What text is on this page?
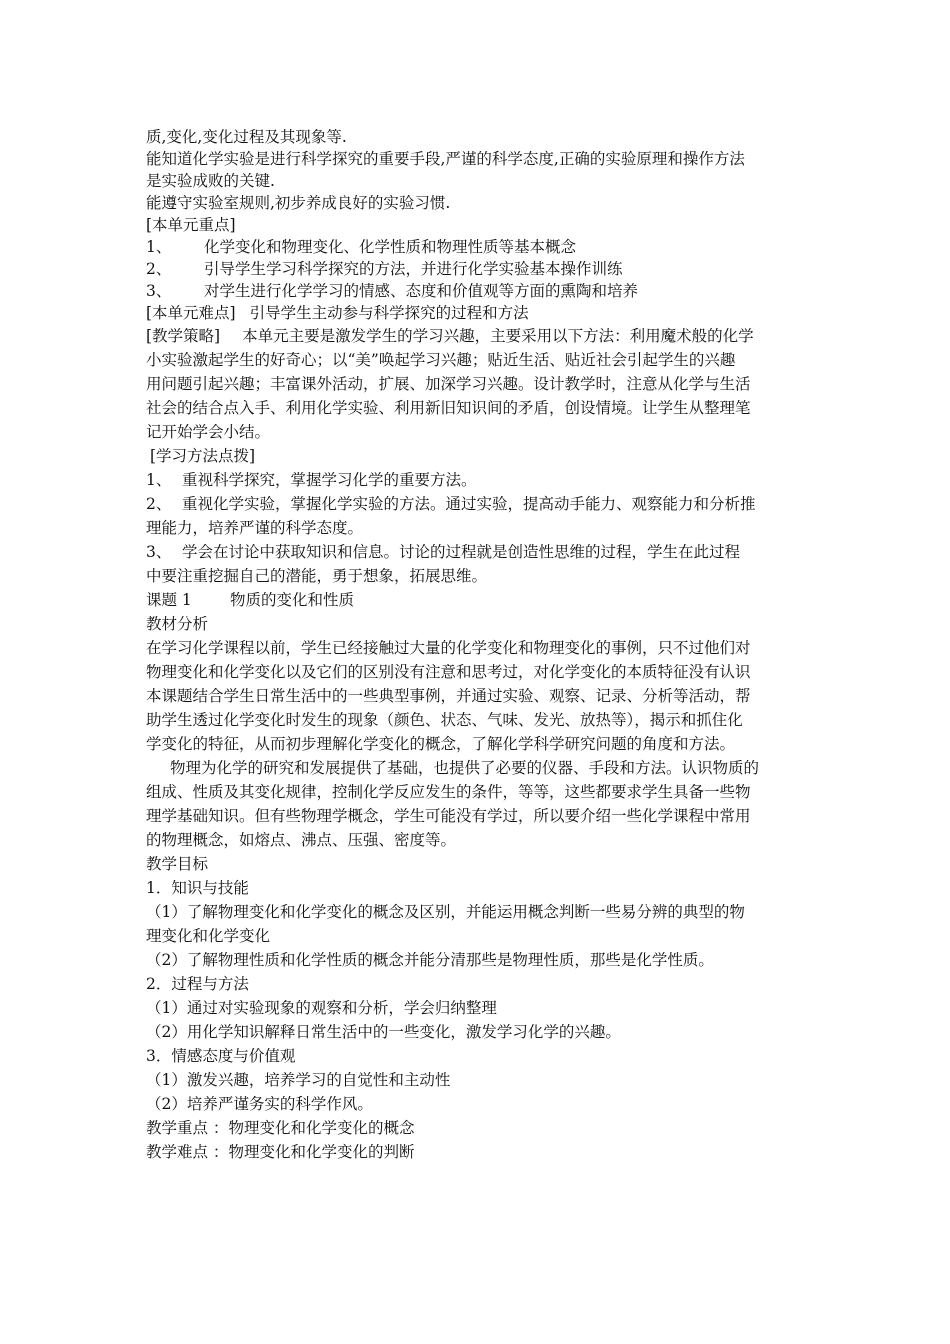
质,变化,变化过程及其现象等.

能知道化学实验是进行科学探究的重要手段,严谨的科学态度,正确的实验原理和操作方法

是实验成败的关键.

能遵守实验室规则,初步养成良好的实验习惯.

[本单元重点]

1、 化学变化和物理变化、化学性质和物理性质等基本概念

2、 引导学生学习科学探究的方法，并进行化学实验基本操作训练

3、 对学生进行化学学习的情感、态度和价值观等方面的熏陶和培养

[本单元难点] 引导学生主动参与科学探究的过程和方法

[教学策略] 本单元主要是激发学生的学习兴趣，主要采用以下方法：利用魔术般的化学

小实验激起学生的好奇心；以“美”唤起学习兴趣；贴近生活、贴近社会引起学生的兴趣

用问题引起兴趣；丰富课外活动，扩展、加深学习兴趣。设计教学时，注意从化学与生活

社会的结合点入手、利用化学实验、利用新旧知识间的矛盾，创设情境。让学生从整理笔

记开始学会小结。

[学习方法点拨]

1、 重视科学探究，掌握学习化学的重要方法。

2、 重视化学实验，掌握化学实验的方法。通过实验，提高动手能力、观察能力和分析推

理能力，培养严谨的科学态度。

3、 学会在讨论中获取知识和信息。讨论的过程就是创造性思维的过程，学生在此过程

中要注重挖掘自己的潜能，勇于想象，拓展思维。

课题 1 物质的变化和性质

教材分析

在学习化学课程以前，学生已经接触过大量的化学变化和物理变化的事例，只不过他们对

物理变化和化学变化以及它们的区别没有注意和思考过，对化学变化的本质特征没有认识

本课题结合学生日常生活中的一些典型事例，并通过实验、观察、记录、分析等活动，帮

助学生透过化学变化时发生的现象（颜色、状态、气味、发光、放热等），揭示和抓住化

学变化的特征，从而初步理解化学变化的概念，了解化学科学研究问题的角度和方法。

物理为化学的研究和发展提供了基础，也提供了必要的仪器、手段和方法。认识物质的

组成、性质及其变化规律，控制化学反应发生的条件，等等，这些都要求学生具备一些物

理学基础知识。但有些物理学概念，学生可能没有学过，所以要介绍一些化学课程中常用

的物理概念，如熔点、沸点、压强、密度等。

教学目标

1．知识与技能

（1）了解物理变化和化学变化的概念及区别，并能运用概念判断一些易分辨的典型的物

理变化和化学变化

（2）了解物理性质和化学性质的概念并能分清那些是物理性质，那些是化学性质。

2．过程与方法

（1）通过对实验现象的观察和分析，学会归纳整理

（2）用化学知识解释日常生活中的一些变化，激发学习化学的兴趣。

3．情感态度与价值观

（1）激发兴趣，培养学习的自觉性和主动性

（2）培养严谨务实的科学作风。

教学重点 ：物理变化和化学变化的概念

教学难点 ：物理变化和化学变化的判断
